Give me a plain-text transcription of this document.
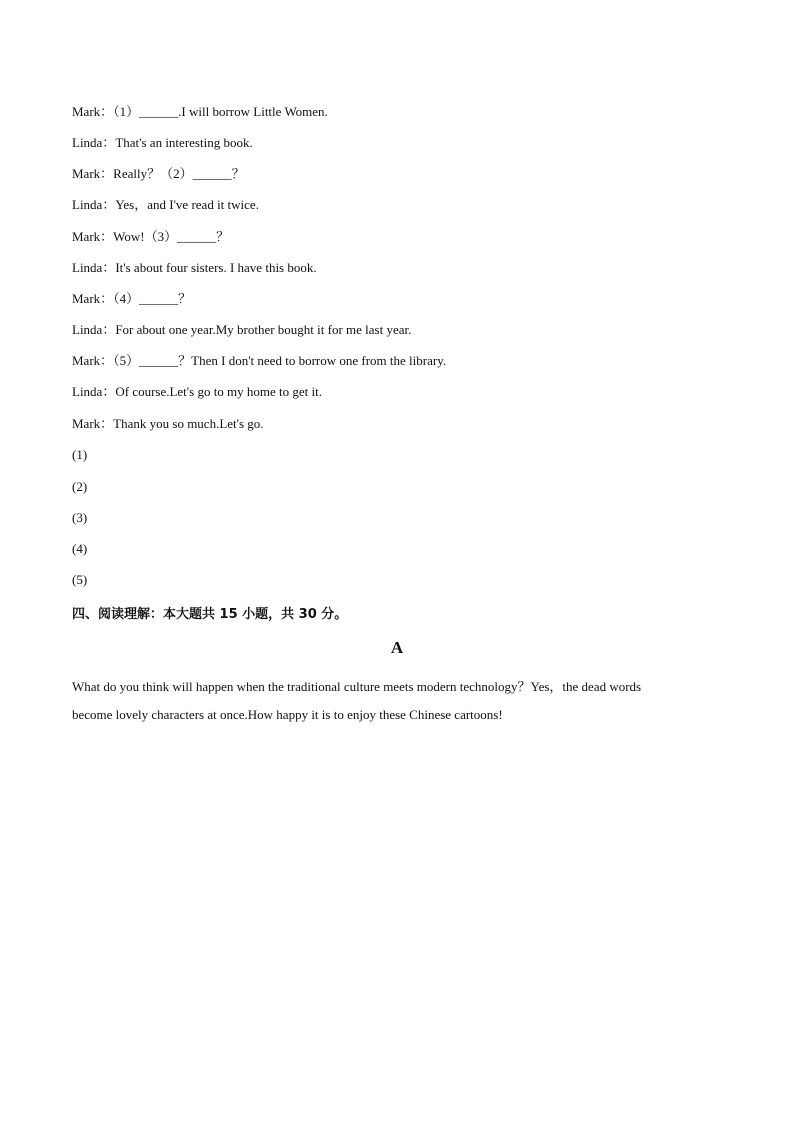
Mark：（1）______.I will borrow Little Women.
Linda：That's an interesting book.
Mark：Really？（2）______？
Linda：Yes，and I've read it twice.
Mark：Wow!（3）______？
Linda：It's about four sisters. I have this book.
Mark：（4）______？
Linda：For about one year.My brother bought it for me last year.
Mark：（5）______？Then I don't need to borrow one from the library.
Linda：Of course.Let's go to my home to get it.
Mark：Thank you so much.Let's go.
(1)
(2)
(3)
(4)
(5)
四、阅读理解：本大题共 15 小题，共 30 分。
A
What do you think will happen when the traditional culture meets modern technology？Yes，the dead words
become lovely characters at once.How happy it is to enjoy these Chinese cartoons!
